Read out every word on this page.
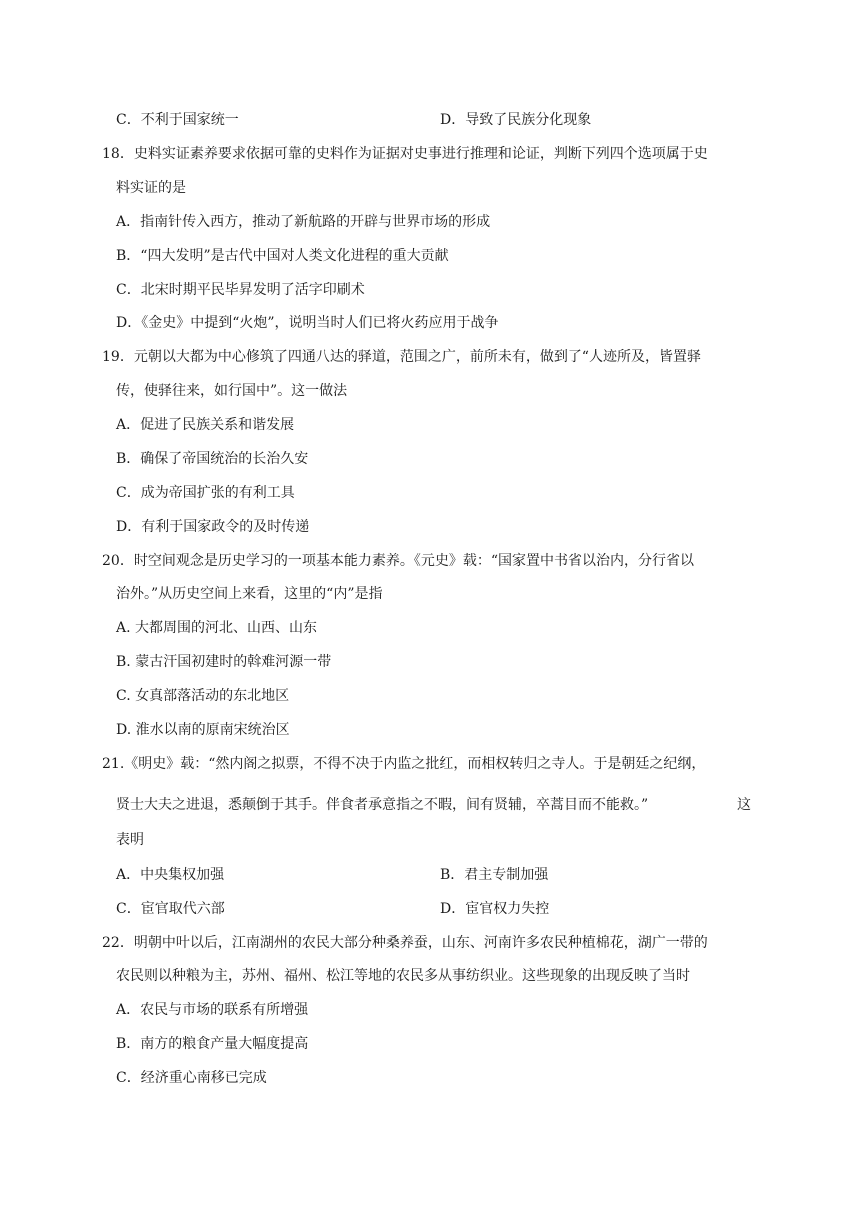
C．不利于国家统一	D．导致了民族分化现象
18．史料实证素养要求依据可靠的史料作为证据对史事进行推理和论证，判断下列四个选项属于史
料实证的是
A．指南针传入西方，推动了新航路的开辟与世界市场的形成
B．“四大发明”是古代中国对人类文化进程的重大贡献
C．北宋时期平民毕昇发明了活字印刷术
D．《金史》中提到“火炮”，说明当时人们已将火药应用于战争
19．元朝以大都为中心修筑了四通八达的驿道，范围之广，前所未有，做到了“人迹所及，皆置驿
传，使驿往来，如行国中”。这一做法
A．促进了民族关系和谐发展
B．确保了帝国统治的长治久安
C．成为帝国扩张的有利工具
D．有利于国家政令的及时传递
20．时空间观念是历史学习的一项基本能力素养。《元史》载：“国家置中书省以治内，分行省以
治外。”从历史空间上来看，这里的“内”是指
A. 大都周围的河北、山西、山东
B. 蒙古汗国初建时的斡难河源一带
C. 女真部落活动的东北地区
D. 淮水以南的原南宋统治区
21.《明史》载：“然内阁之拟票，不得不决于内监之批红，而相权转归之寺人。于是朝廷之纪纲，
贤士大夫之进退，悉颠倒于其手。伴食者承意指之不暇，间有贤辅，卒蒿目而不能救。”	这
表明
A．中央集权加强	B．君主专制加强
C．宦官取代六部	D．宦官权力失控
22．明朝中叶以后，江南湖州的农民大部分种桑养蚕，山东、河南许多农民种植棉花，湖广一带的
农民则以种粮为主，苏州、福州、松江等地的农民多从事纺织业。这些现象的出现反映了当时
A．农民与市场的联系有所增强
B．南方的粮食产量大幅度提高
C．经济重心南移已完成
